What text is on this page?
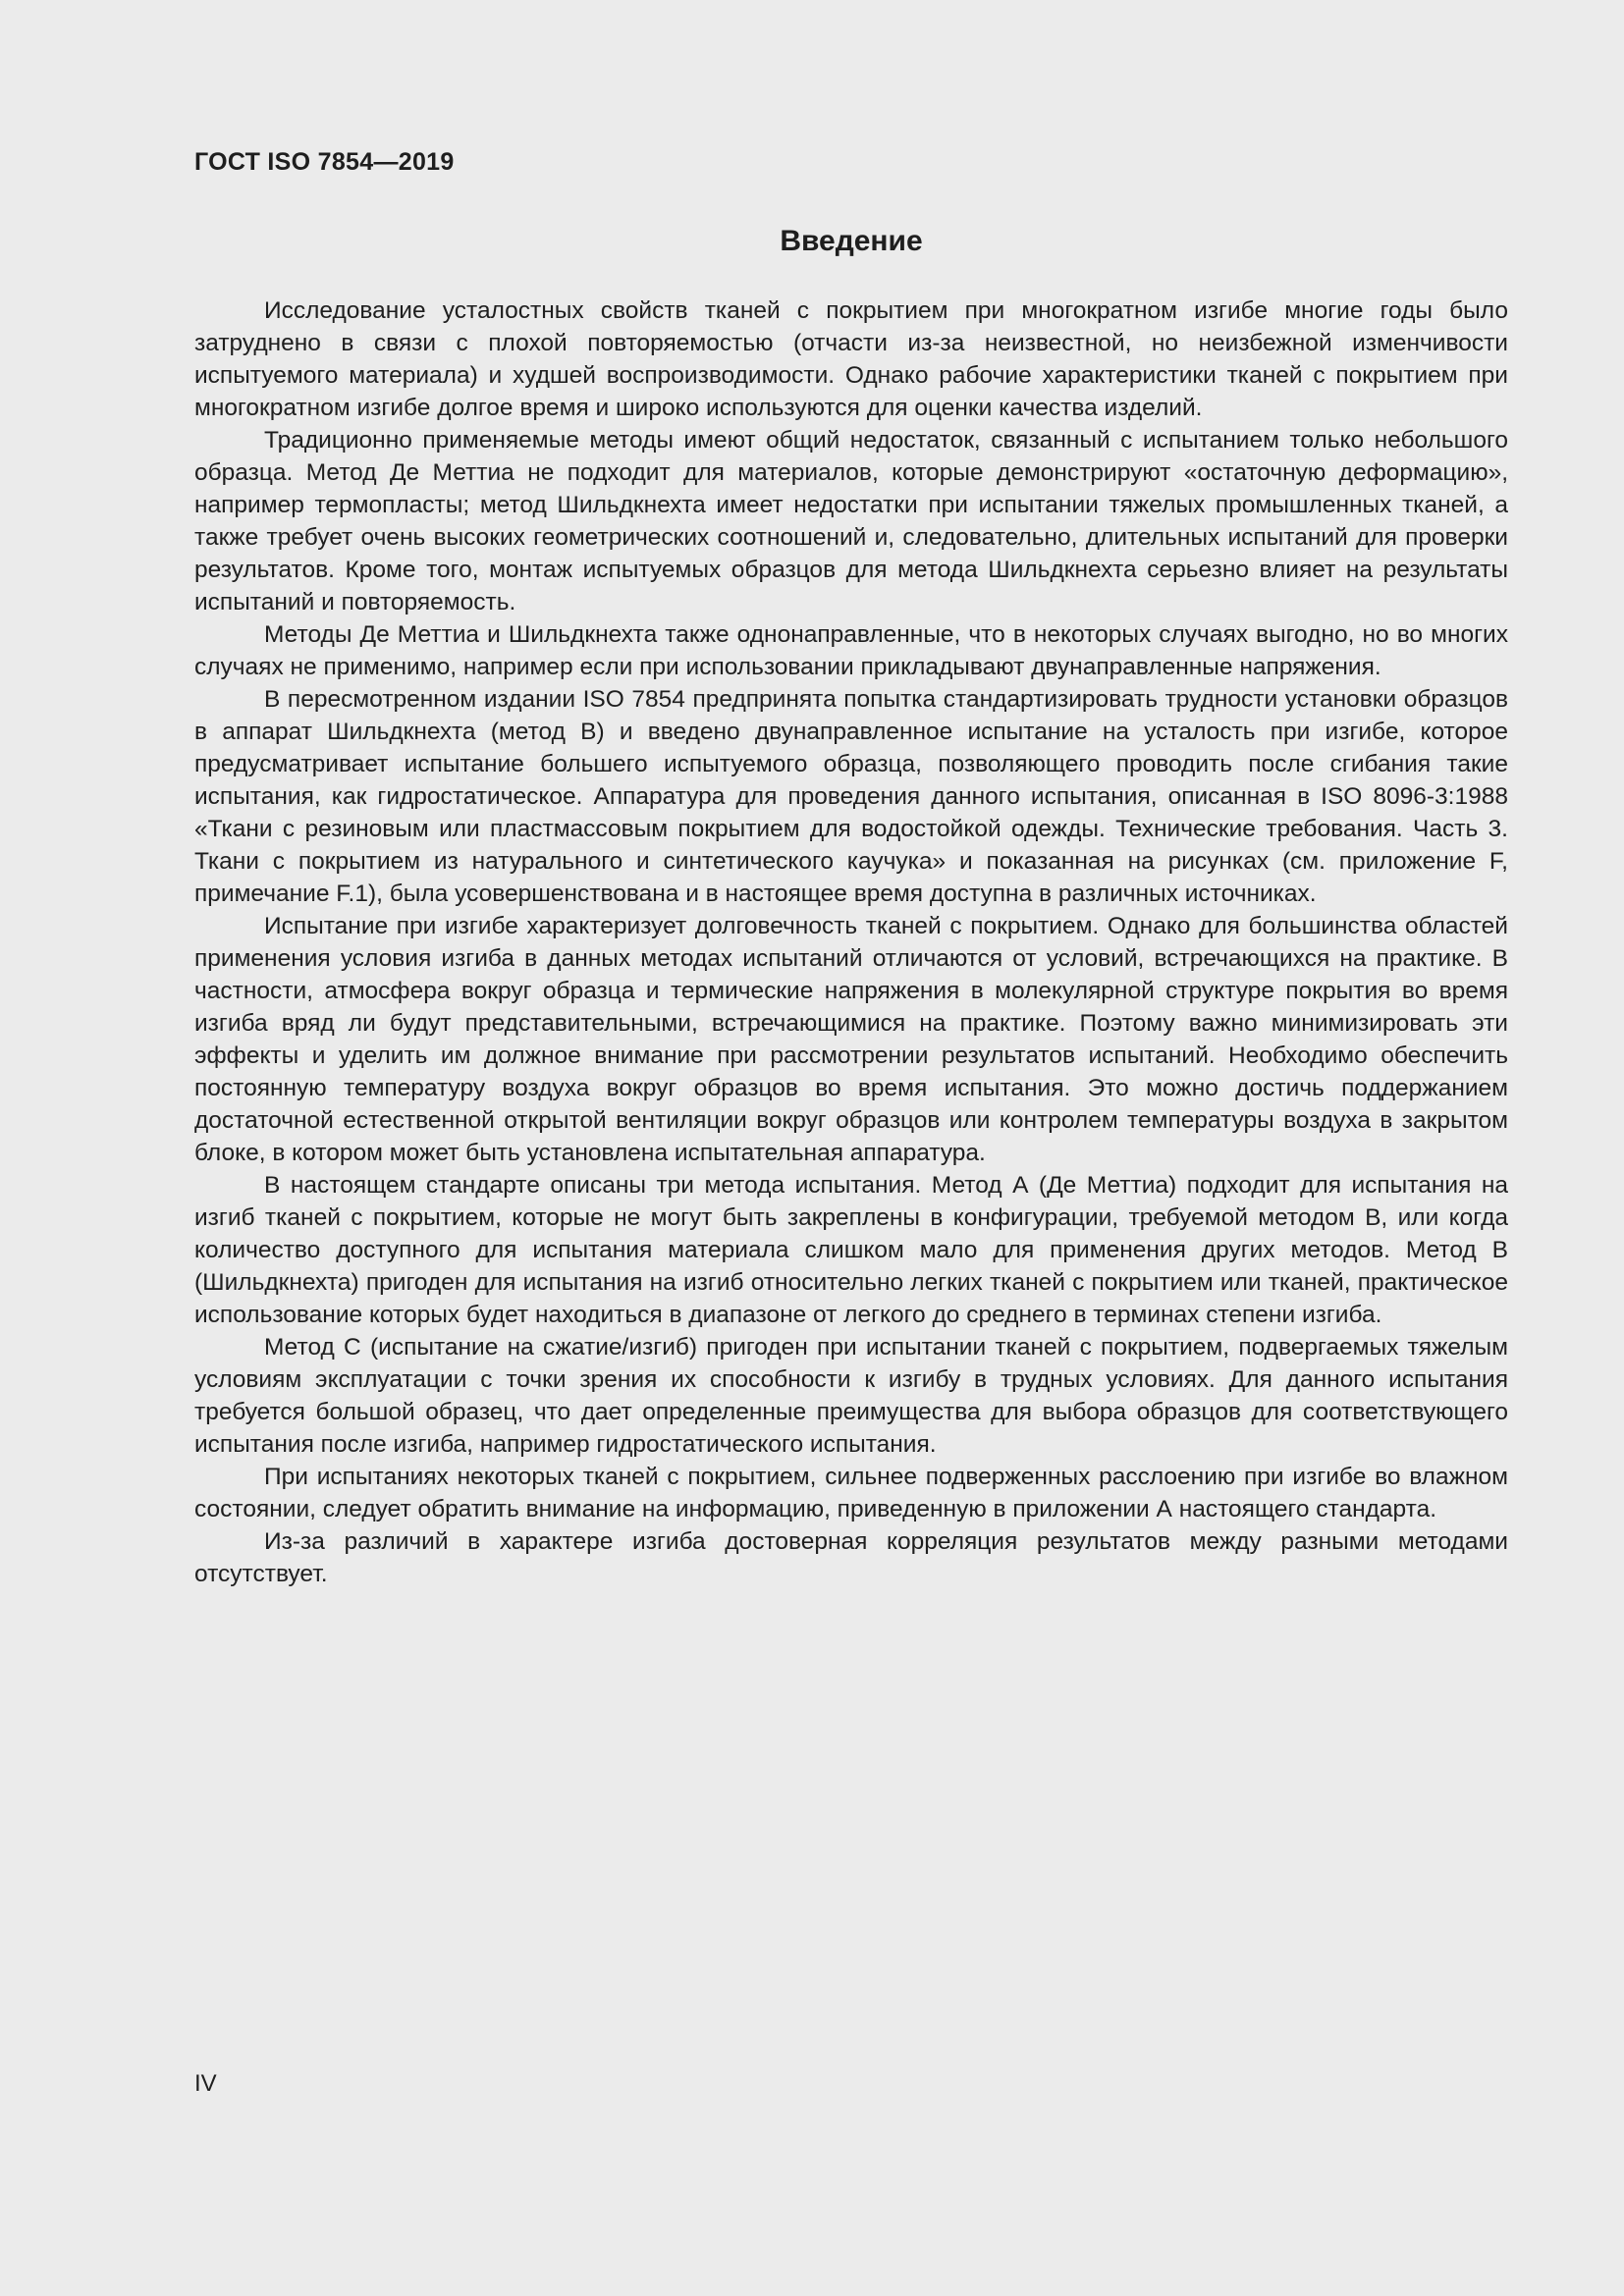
ГОСТ ISO 7854—2019
Введение

Исследование усталостных свойств тканей с покрытием при многократном изгибе многие годы было затруднено в связи с плохой повторяемостью (отчасти из-за неизвестной, но неизбежной изменчивости испытуемого материала) и худшей воспроизводимости. Однако рабочие характеристики тканей с покрытием при многократном изгибе долгое время и широко используются для оценки качества изделий.

Традиционно применяемые методы имеют общий недостаток, связанный с испытанием только небольшого образца. Метод Де Меттиа не подходит для материалов, которые демонстрируют «остаточную деформацию», например термопласты; метод Шильдкнехта имеет недостатки при испытании тяжелых промышленных тканей, а также требует очень высоких геометрических соотношений и, следовательно, длительных испытаний для проверки результатов. Кроме того, монтаж испытуемых образцов для метода Шильдкнехта серьезно влияет на результаты испытаний и повторяемость.

Методы Де Меттиа и Шильдкнехта также однонаправленные, что в некоторых случаях выгодно, но во многих случаях не применимо, например если при использовании прикладывают двунаправленные напряжения.

В пересмотренном издании ISO 7854 предпринята попытка стандартизировать трудности установки образцов в аппарат Шильдкнехта (метод В) и введено двунаправленное испытание на усталость при изгибе, которое предусматривает испытание большего испытуемого образца, позволяющего проводить после сгибания такие испытания, как гидростатическое. Аппаратура для проведения данного испытания, описанная в ISO 8096-3:1988 «Ткани с резиновым или пластмассовым покрытием для водостойкой одежды. Технические требования. Часть 3. Ткани с покрытием из натурального и синтетического каучука» и показанная на рисунках (см. приложение F, примечание F.1), была усовершенствована и в настоящее время доступна в различных источниках.

Испытание при изгибе характеризует долговечность тканей с покрытием. Однако для большинства областей применения условия изгиба в данных методах испытаний отличаются от условий, встречающихся на практике. В частности, атмосфера вокруг образца и термические напряжения в молекулярной структуре покрытия во время изгиба вряд ли будут представительными, встречающимися на практике. Поэтому важно минимизировать эти эффекты и уделить им должное внимание при рассмотрении результатов испытаний. Необходимо обеспечить постоянную температуру воздуха вокруг образцов во время испытания. Это можно достичь поддержанием достаточной естественной открытой вентиляции вокруг образцов или контролем температуры воздуха в закрытом блоке, в котором может быть установлена испытательная аппаратура.

В настоящем стандарте описаны три метода испытания. Метод А (Де Меттиа) подходит для испытания на изгиб тканей с покрытием, которые не могут быть закреплены в конфигурации, требуемой методом В, или когда количество доступного для испытания материала слишком мало для применения других методов. Метод В (Шильдкнехта) пригоден для испытания на изгиб относительно легких тканей с покрытием или тканей, практическое использование которых будет находиться в диапазоне от легкого до среднего в терминах степени изгиба.

Метод С (испытание на сжатие/изгиб) пригоден при испытании тканей с покрытием, подвергаемых тяжелым условиям эксплуатации с точки зрения их способности к изгибу в трудных условиях. Для данного испытания требуется большой образец, что дает определенные преимущества для выбора образцов для соответствующего испытания после изгиба, например гидростатического испытания.

При испытаниях некоторых тканей с покрытием, сильнее подверженных расслоению при изгибе во влажном состоянии, следует обратить внимание на информацию, приведенную в приложении А настоящего стандарта.

Из-за различий в характере изгиба достоверная корреляция результатов между разными методами отсутствует.

IV
